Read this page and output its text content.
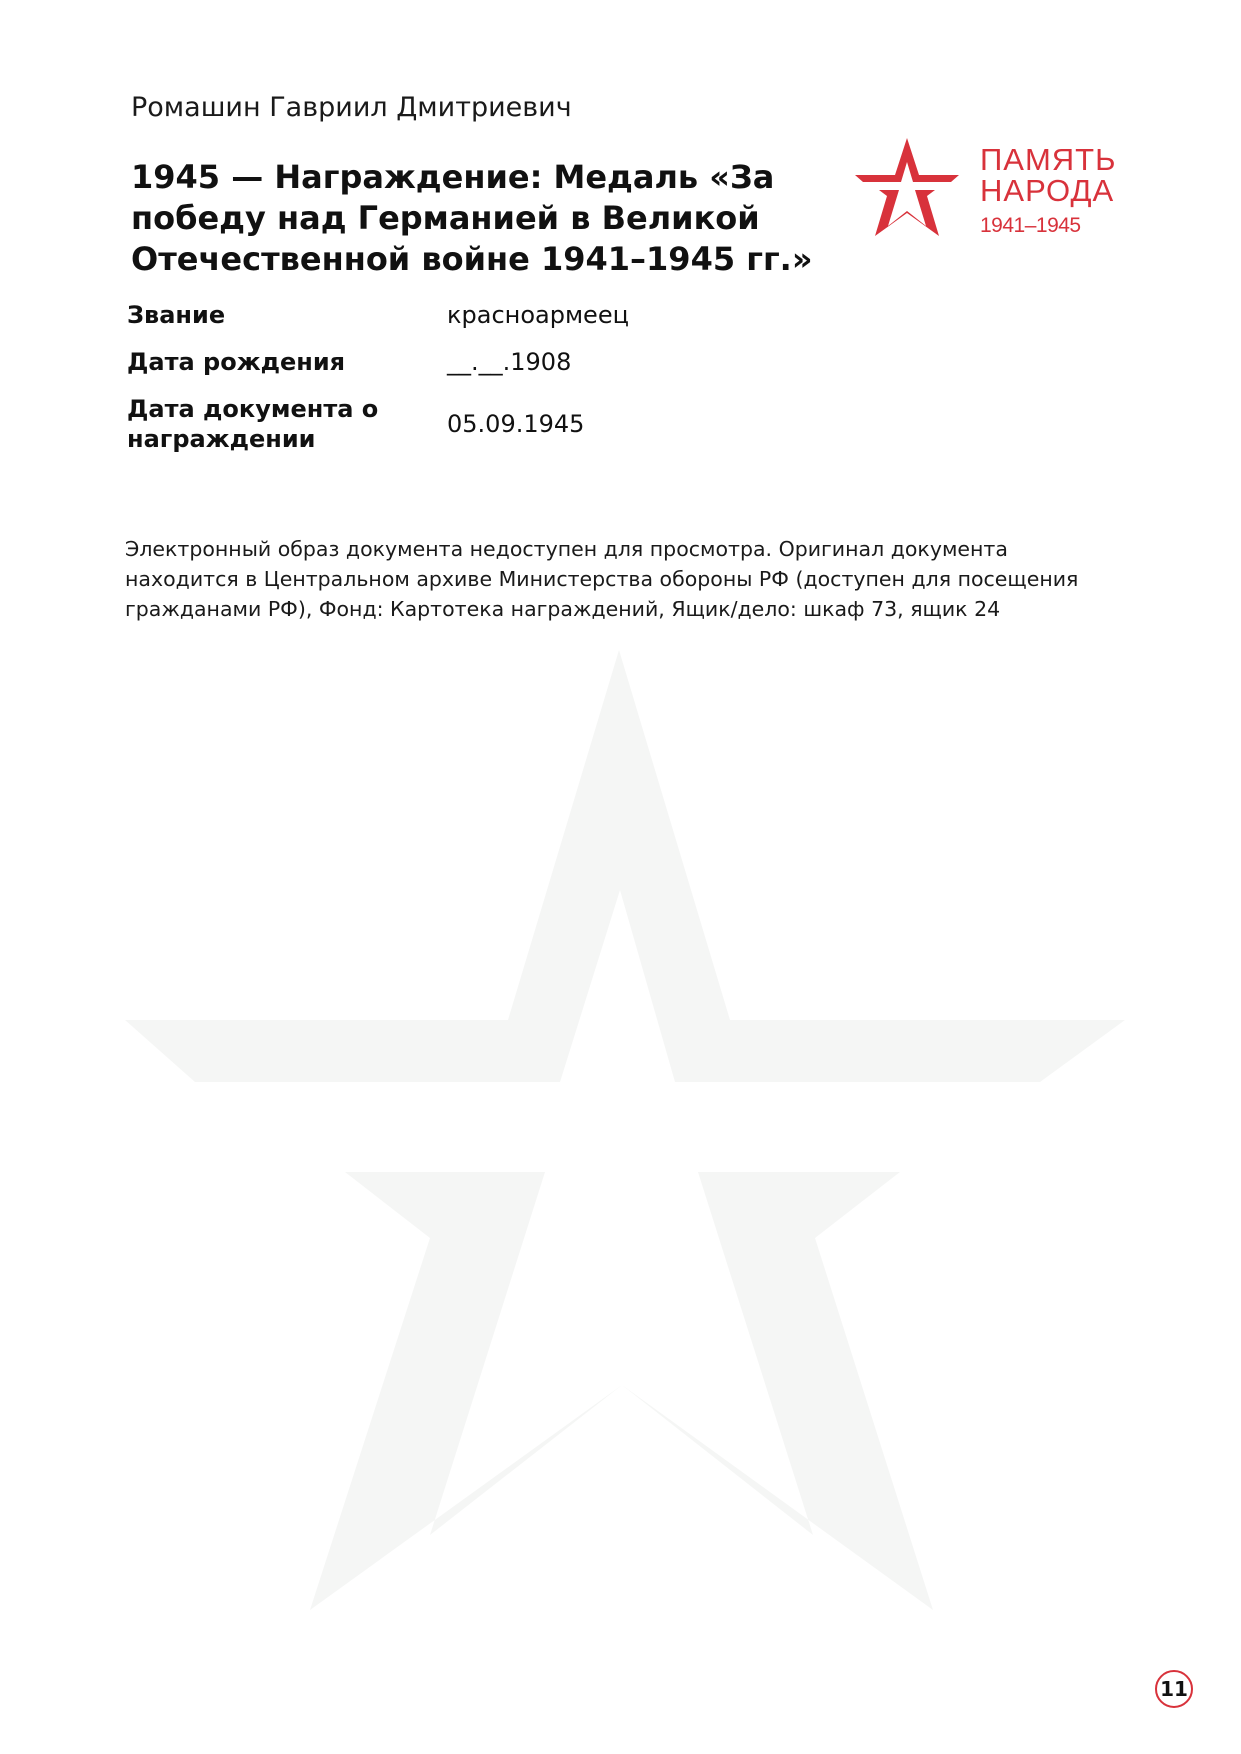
Ромашин Гавриил Дмитриевич
1945 — Награждение: Медаль «За победу над Германией в Великой Отечественной войне 1941–1945 гг.»
ПАМЯТЬ
НАРОДА
1941–1945
Звание	красноармеец
Дата рождения	__.__.1908
Дата документа о награждении
05.09.1945
Электронный образ документа недоступен для просмотра. Оригинал документа находится в Центральном архиве Министерства обороны РФ (доступен для посещения гражданами РФ), Фонд: Картотека награждений, Ящик/дело: шкаф 73, ящик 24
11
